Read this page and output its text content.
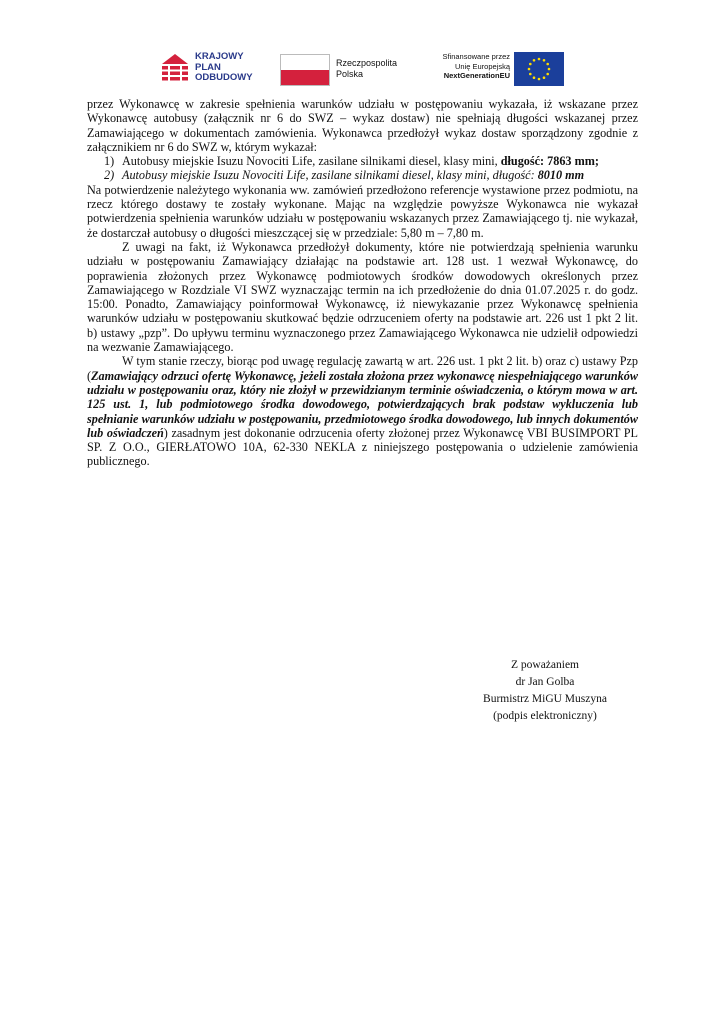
KRAJOWY
PLAN
ODBUDOWY
Rzeczpospolita
Polska
Sfinansowane przez
Unię Europejską
NextGenerationEU

przez Wykonawcę w zakresie spełnienia warunków udziału w postępowaniu wykazała, iż wskazane przez Wykonawcę autobusy (załącznik nr 6 do SWZ – wykaz dostaw) nie spełniają długości wskazanej przez Zamawiającego w dokumentach zamówienia. Wykonawca przedłożył wykaz dostaw sporządzony zgodnie z załącznikiem nr 6 do SWZ w, którym wykazał:

1) Autobusy miejskie Isuzu Novociti Life, zasilane silnikami diesel, klasy mini, długość: 7863 mm;
2) Autobusy miejskie Isuzu Novociti Life, zasilane silnikami diesel, klasy mini, długość: 8010 mm

Na potwierdzenie należytego wykonania ww. zamówień przedłożono referencje wystawione przez podmiotu, na rzecz którego dostawy te zostały wykonane. Mając na względzie powyższe Wykonawca nie wykazał potwierdzenia spełnienia warunków udziału w postępowaniu wskazanych przez Zamawiającego tj. nie wykazał, że dostarczał autobusy o długości mieszczącej się w przedziale: 5,80 m – 7,80 m.

Z uwagi na fakt, iż Wykonawca przedłożył dokumenty, które nie potwierdzają spełnienia warunku udziału w postępowaniu Zamawiający działając na podstawie art. 128 ust. 1 wezwał Wykonawcę, do poprawienia złożonych przez Wykonawcę podmiotowych środków dowodowych określonych przez Zamawiającego w Rozdziale VI SWZ wyznaczając termin na ich przedłożenie do dnia 01.07.2025 r. do godz. 15:00. Ponadto, Zamawiający poinformował Wykonawcę, iż niewykazanie przez Wykonawcę spełnienia warunków udziału w postępowaniu skutkować będzie odrzuceniem oferty na podstawie art. 226 ust 1 pkt 2 lit. b) ustawy „pzp”. Do upływu terminu wyznaczonego przez Zamawiającego Wykonawca nie udzielił odpowiedzi na wezwanie Zamawiającego.

W tym stanie rzeczy, biorąc pod uwagę regulację zawartą w art. 226 ust. 1 pkt 2 lit. b) oraz c) ustawy Pzp (Zamawiający odrzuci ofertę Wykonawcę, jeżeli została złożona przez wykonawcę niespełniającego warunków udziału w postępowaniu oraz, który nie złożył w przewidzianym terminie oświadczenia, o którym mowa w art. 125 ust. 1, lub podmiotowego środka dowodowego, potwierdzających brak podstaw wykluczenia lub spełnianie warunków udziału w postępowaniu, przedmiotowego środka dowodowego, lub innych dokumentów lub oświadczeń) zasadnym jest dokonanie odrzucenia oferty złożonej przez Wykonawcę VBI BUSIMPORT PL SP. Z O.O., GIERŁATOWO 10A, 62-330 NEKLA z niniejszego postępowania o udzielenie zamówienia publicznego.

Z poważaniem
dr Jan Golba
Burmistrz MiGU Muszyna
(podpis elektroniczny)
